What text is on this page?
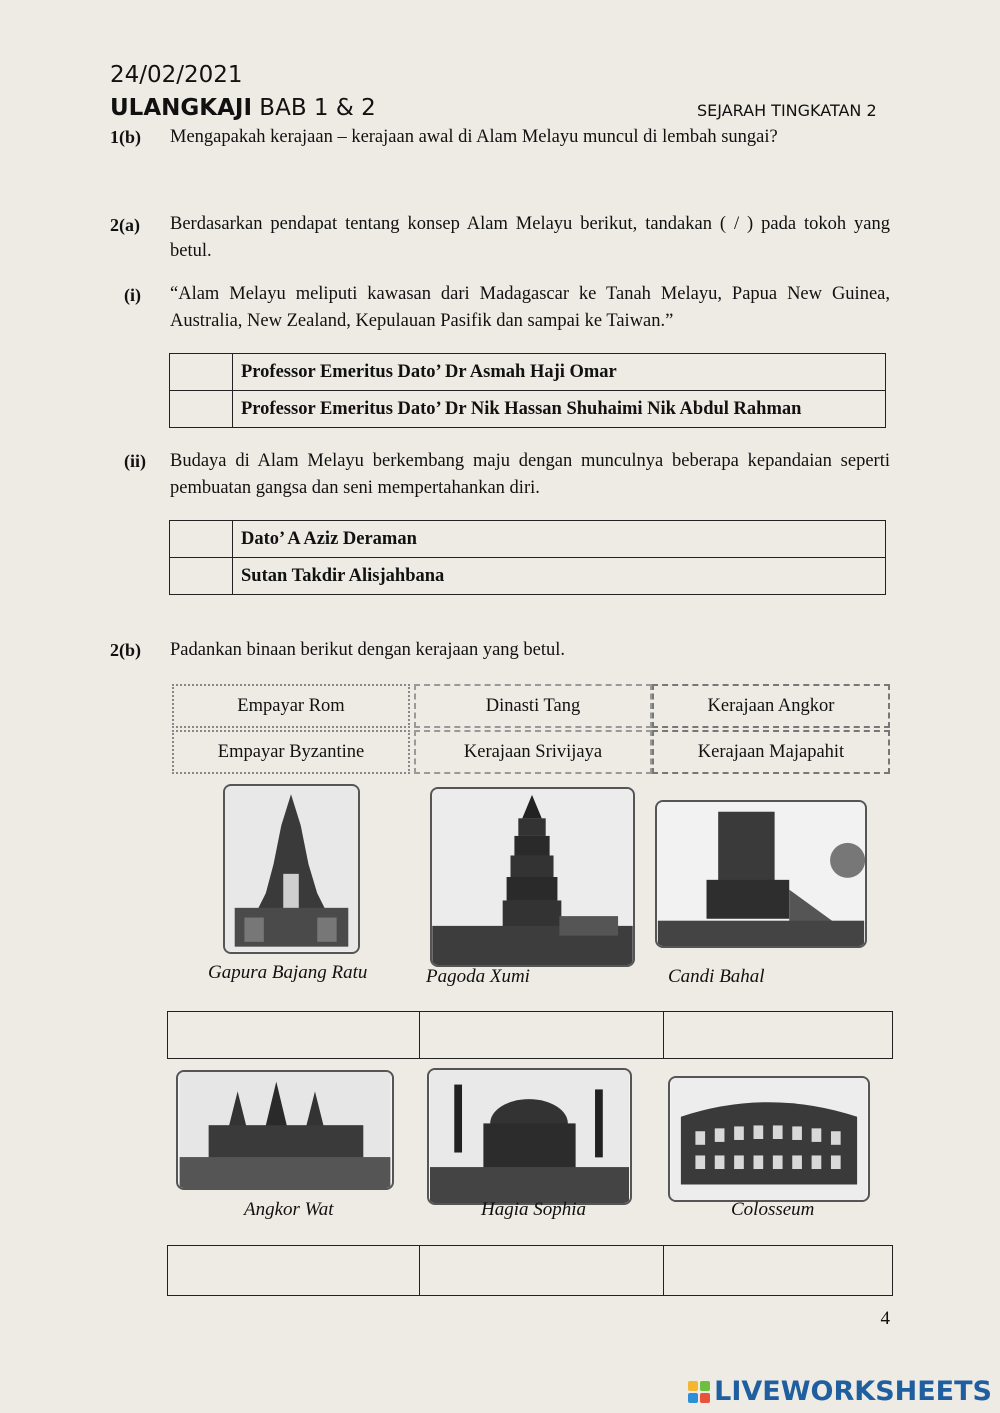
24/02/2021
ULANGKAJI BAB 1 & 2	SEJARAH TINGKATAN 2
1(b) Mengapakah kerajaan – kerajaan awal di Alam Melayu muncul di lembah sungai?
2(a) Berdasarkan pendapat tentang konsep Alam Melayu berikut, tandakan ( / ) pada tokoh yang betul.
(i) “Alam Melayu meliputi kawasan dari Madagascar ke Tanah Melayu, Papua New Guinea, Australia, New Zealand, Kepulauan Pasifik dan sampai ke Taiwan.”
	Professor Emeritus Dato’ Dr Asmah Haji Omar
	Professor Emeritus Dato’ Dr Nik Hassan Shuhaimi Nik Abdul Rahman
(ii) Budaya di Alam Melayu berkembang maju dengan munculnya beberapa kepandaian seperti pembuatan gangsa dan seni mempertahankan diri.
	Dato’ A Aziz Deraman
	Sutan Takdir Alisjahbana
2(b) Padankan binaan berikut dengan kerajaan yang betul.
Empayar Rom	Dinasti Tang	Kerajaan Angkor
Empayar Byzantine	Kerajaan Srivijaya	Kerajaan Majapahit
Gapura Bajang Ratu	Pagoda Xumi	Candi Bahal

Angkor Wat	Hagia Sophia	Colosseum

4
LIVEWORKSHEETS
